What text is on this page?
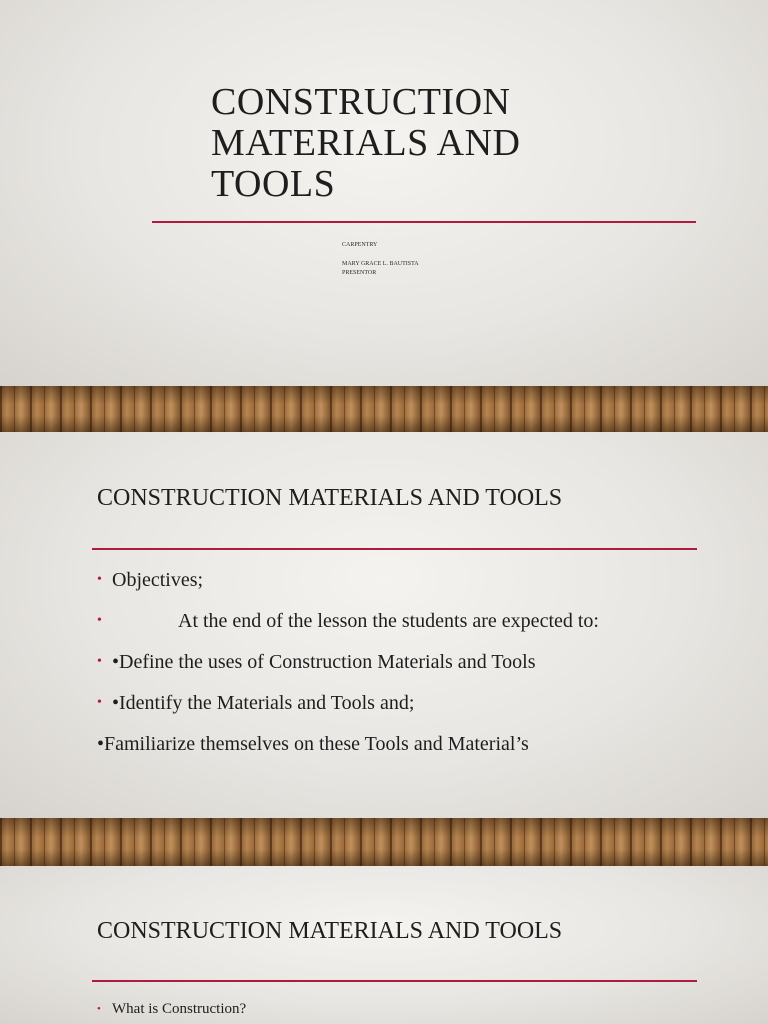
CONSTRUCTION
MATERIALS AND
TOOLS
CARPENTRY
MARY GRACE L. BAUTISTA
PRESENTOR
CONSTRUCTION MATERIALS AND TOOLS
• Objectives;
•	At the end of the lesson the students are expected to:
• •Define the uses of Construction Materials and Tools
• •Identify the Materials and Tools and;
•Familiarize themselves on these Tools and Material’s
CONSTRUCTION MATERIALS AND TOOLS
• What is Construction?
